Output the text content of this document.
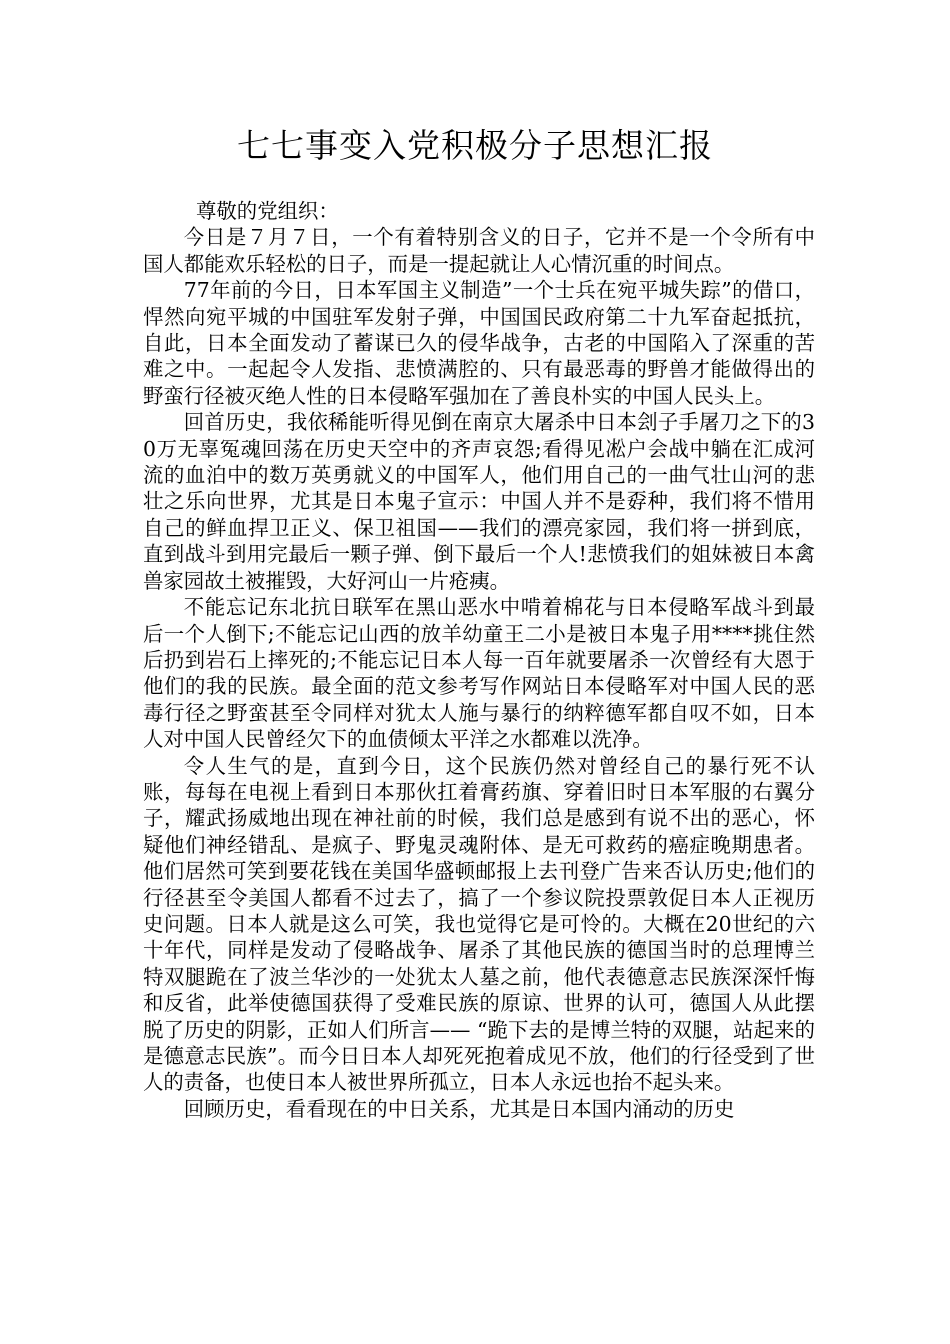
七七事变入党积极分子思想汇报

尊敬的党组织：

今日是７月７日，一个有着特别含义的日子，它并不是一个令所有中国人都能欢乐轻松的日子，而是一提起就让人心情沉重的时间点。

77年前的今日，日本军国主义制造”一个士兵在宛平城失踪”的借口，悍然向宛平城的中国驻军发射子弹，中国国民政府第二十九军奋起抵抗，自此，日本全面发动了蓄谋已久的侵华战争，古老的中国陷入了深重的苦难之中。一起起令人发指、悲愤满腔的、只有最恶毒的野兽才能做得出的野蛮行径被灭绝人性的日本侵略军强加在了善良朴实的中国人民头上。

回首历史，我依稀能听得见倒在南京大屠杀中日本刽子手屠刀之下的30万无辜冤魂回荡在历史天空中的齐声哀怨;看得见凇户会战中躺在汇成河流的血泊中的数万英勇就义的中国军人，他们用自己的一曲气壮山河的悲壮之乐向世界，尤其是日本鬼子宣示：中国人并不是孬种，我们将不惜用自己的鲜血捍卫正义、保卫祖国——我们的漂亮家园，我们将一拼到底，直到战斗到用完最后一颗子弹、倒下最后一个人!悲愤我们的姐妹被日本禽兽家园故土被摧毁，大好河山一片疮痍。

不能忘记东北抗日联军在黑山恶水中啃着棉花与日本侵略军战斗到最后一个人倒下;不能忘记山西的放羊幼童王二小是被日本鬼子用****挑住然后扔到岩石上摔死的;不能忘记日本人每一百年就要屠杀一次曾经有大恩于他们的我的民族。最全面的范文参考写作网站日本侵略军对中国人民的恶毒行径之野蛮甚至令同样对犹太人施与暴行的纳粹德军都自叹不如，日本人对中国人民曾经欠下的血债倾太平洋之水都难以洗净。

令人生气的是，直到今日，这个民族仍然对曾经自己的暴行死不认账，每每在电视上看到日本那伙扛着膏药旗、穿着旧时日本军服的右翼分子，耀武扬威地出现在神社前的时候，我们总是感到有说不出的恶心，怀疑他们神经错乱、是疯子、野鬼灵魂附体、是无可救药的癌症晚期患者。他们居然可笑到要花钱在美国华盛顿邮报上去刊登广告来否认历史;他们的行径甚至令美国人都看不过去了，搞了一个参议院投票敦促日本人正视历史问题。日本人就是这么可笑，我也觉得它是可怜的。大概在20世纪的六十年代，同样是发动了侵略战争、屠杀了其他民族的德国当时的总理博兰特双腿跪在了波兰华沙的一处犹太人墓之前，他代表德意志民族深深忏悔和反省，此举使德国获得了受难民族的原谅、世界的认可，德国人从此摆脱了历史的阴影，正如人们所言—— “跪下去的是博兰特的双腿，站起来的是德意志民族”。而今日日本人却死死抱着成见不放，他们的行径受到了世人的责备，也使日本人被世界所孤立，日本人永远也抬不起头来。

回顾历史，看看现在的中日关系，尤其是日本国内涌动的历史
